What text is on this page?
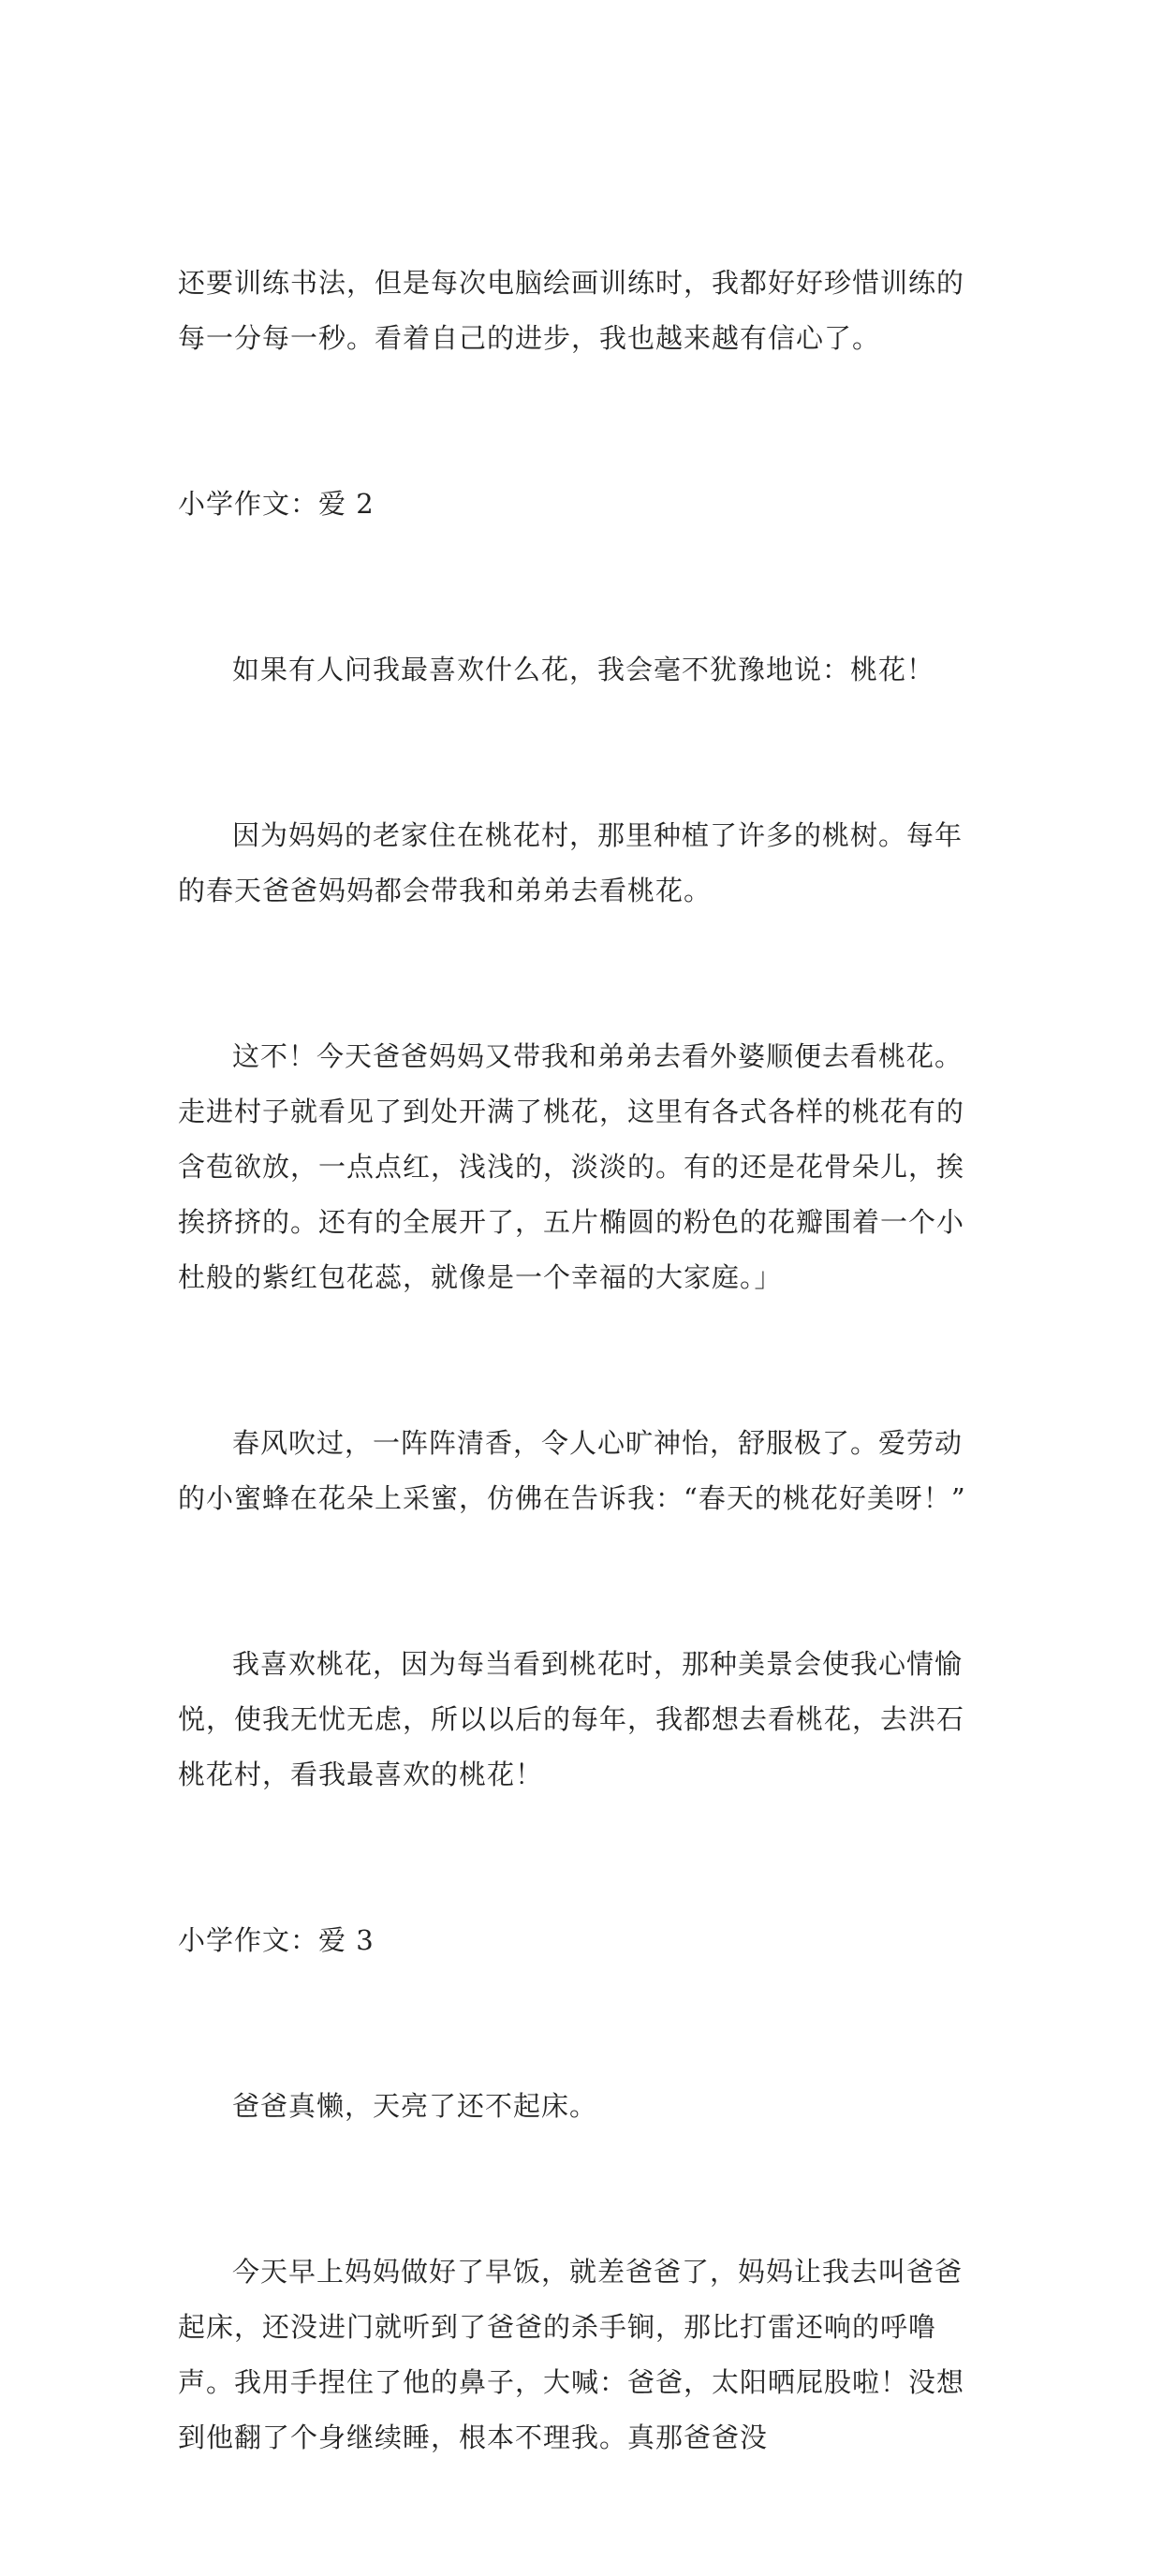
还要训练书法，但是每次电脑绘画训练时，我都好好珍惜训练的每一分每一秒。看着自己的进步，我也越来越有信心了。

小学作文：爱 2

如果有人问我最喜欢什么花，我会毫不犹豫地说：桃花！

因为妈妈的老家住在桃花村，那里种植了许多的桃树。每年的春天爸爸妈妈都会带我和弟弟去看桃花。

这不！今天爸爸妈妈又带我和弟弟去看外婆顺便去看桃花。走进村子就看见了到处开满了桃花，这里有各式各样的桃花有的含苞欲放，一点点红，浅浅的，淡淡的。有的还是花骨朵儿，挨挨挤挤的。还有的全展开了，五片椭圆的粉色的花瓣围着一个小杜般的紫红包花蕊，就像是一个幸福的大家庭。」

春风吹过，一阵阵清香，令人心旷神怡，舒服极了。爱劳动的小蜜蜂在花朵上采蜜，仿佛在告诉我：“春天的桃花好美呀！”

我喜欢桃花，因为每当看到桃花时，那种美景会使我心情愉悦，使我无忧无虑，所以以后的每年，我都想去看桃花，去洪石桃花村，看我最喜欢的桃花！

小学作文：爱 3

爸爸真懒，天亮了还不起床。

今天早上妈妈做好了早饭，就差爸爸了，妈妈让我去叫爸爸起床，还没进门就听到了爸爸的杀手锏，那比打雷还响的呼噜声。我用手捏住了他的鼻子，大喊：爸爸，太阳晒屁股啦！没想到他翻了个身继续睡，根本不理我。真那爸爸没
